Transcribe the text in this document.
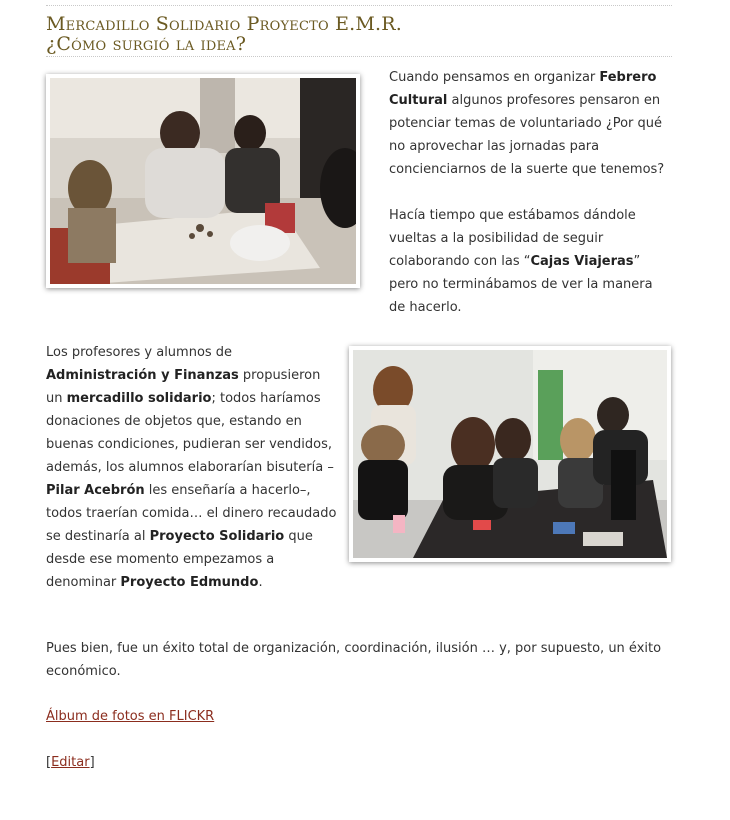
Mercadillo Solidario Proyecto E.M.R.
¿Cómo surgió la idea?

Cuando pensamos en organizar Febrero Cultural algunos profesores pensaron en potenciar temas de voluntariado ¿Por qué no aprovechar las jornadas para concienciarnos de la suerte que tenemos?

Hacía tiempo que estábamos dándole vueltas a la posibilidad de seguir colaborando con las “Cajas Viajeras” pero no terminábamos de ver la manera de hacerlo.

Los profesores y alumnos de Administración y Finanzas propusieron un mercadillo solidario; todos haríamos donaciones de objetos que, estando en buenas condiciones, pudieran ser vendidos, además, los alumnos elaborarían bisutería –Pilar Acebrón les enseñaría a hacerlo–, todos traerían comida… el dinero recaudado se destinaría al Proyecto Solidario que desde ese momento empezamos a denominar Proyecto Edmundo.

Pues bien, fue un éxito total de organización, coordinación, ilusión … y, por supuesto, un éxito económico.

Álbum de fotos en FLICKR

[Editar]
